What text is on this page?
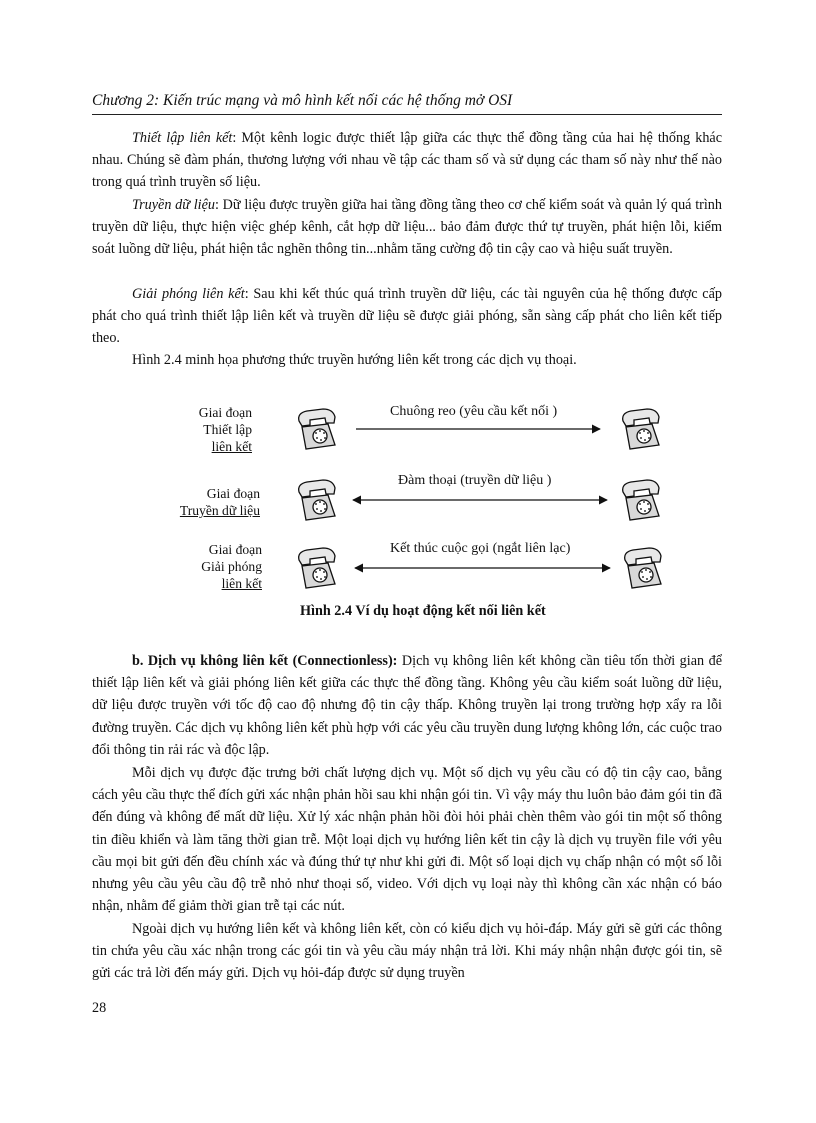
Chương 2: Kiến trúc mạng và mô hình kết nối các hệ thống mở OSI

Thiết lập liên kết: Một kênh logic được thiết lập giữa các thực thể đồng tầng của hai hệ thống khác nhau. Chúng sẽ đàm phán, thương lượng với nhau về tập các tham số và sử dụng các tham số này như thế nào trong quá trình truyền số liệu.

Truyền dữ liệu: Dữ liệu được truyền giữa hai tầng đồng tầng theo cơ chế kiểm soát và quản lý quá trình truyền dữ liệu, thực hiện việc ghép kênh, cắt hợp dữ liệu... bảo đảm được thứ tự truyền, phát hiện lỗi, kiểm soát luồng dữ liệu, phát hiện tắc nghẽn thông tin...nhằm tăng cường độ tin cậy cao và hiệu suất truyền.

Giải phóng liên kết: Sau khi kết thúc quá trình truyền dữ liệu, các tài nguyên của hệ thống được cấp phát cho quá trình thiết lập liên kết và truyền dữ liệu sẽ được giải phóng, sẵn sàng cấp phát cho liên kết tiếp theo.

Hình 2.4 minh họa phương thức truyền hướng liên kết trong các dịch vụ thoại.

Giai đoạn
Thiết lập
liên kết
Giai đoạn
Truyền dữ liệu
Giai đoạn
Giải phóng
liên kết
Chuông reo (yêu cầu kết nối )
Đàm thoại (truyền dữ liệu )
Kết thúc cuộc gọi (ngắt liên lạc)
Hình 2.4 Ví dụ hoạt động kết nối liên kết

b. Dịch vụ không liên kết (Connectionless): Dịch vụ không liên kết không cần tiêu tốn thời gian để thiết lập liên kết và giải phóng liên kết giữa các thực thể đồng tầng. Không yêu cầu kiểm soát luồng dữ liệu, dữ liệu được truyền với tốc độ cao độ nhưng độ tin cậy thấp. Không truyền lại trong trường hợp xẩy ra lỗi đường truyền. Các dịch vụ không liên kết phù hợp với các yêu cầu truyền dung lượng không lớn, các cuộc trao đổi thông tin rải rác và độc lập.

Mỗi dịch vụ được đặc trưng bởi chất lượng dịch vụ. Một số dịch vụ yêu cầu có độ tin cậy cao, bằng cách yêu cầu thực thể đích gửi xác nhận phản hồi sau khi nhận gói tin. Vì vậy máy thu luôn bảo đảm gói tin đã đến đúng và không để mất dữ liệu. Xử lý xác nhận phản hồi đòi hỏi phải chèn thêm vào gói tin một số thông tin điều khiển và làm tăng thời gian trễ. Một loại dịch vụ hướng liên kết tin cậy là dịch vụ truyền file với yêu cầu mọi bit gửi đến đều chính xác và đúng thứ tự như khi gửi đi. Một số loại dịch vụ chấp nhận có một số lỗi nhưng yêu cầu yêu cầu độ trễ nhỏ như thoại số, video. Với dịch vụ loại này thì không cần xác nhận có báo nhận, nhằm để giảm thời gian trễ tại các nút.

Ngoài dịch vụ hướng liên kết và không liên kết, còn có kiểu dịch vụ hỏi-đáp. Máy gửi sẽ gửi các thông tin chứa yêu cầu xác nhận trong các gói tin và yêu cầu máy nhận trả lời. Khi máy nhận nhận được gói tin, sẽ gửi các trả lời đến máy gửi. Dịch vụ hỏi-đáp được sử dụng truyền

28
